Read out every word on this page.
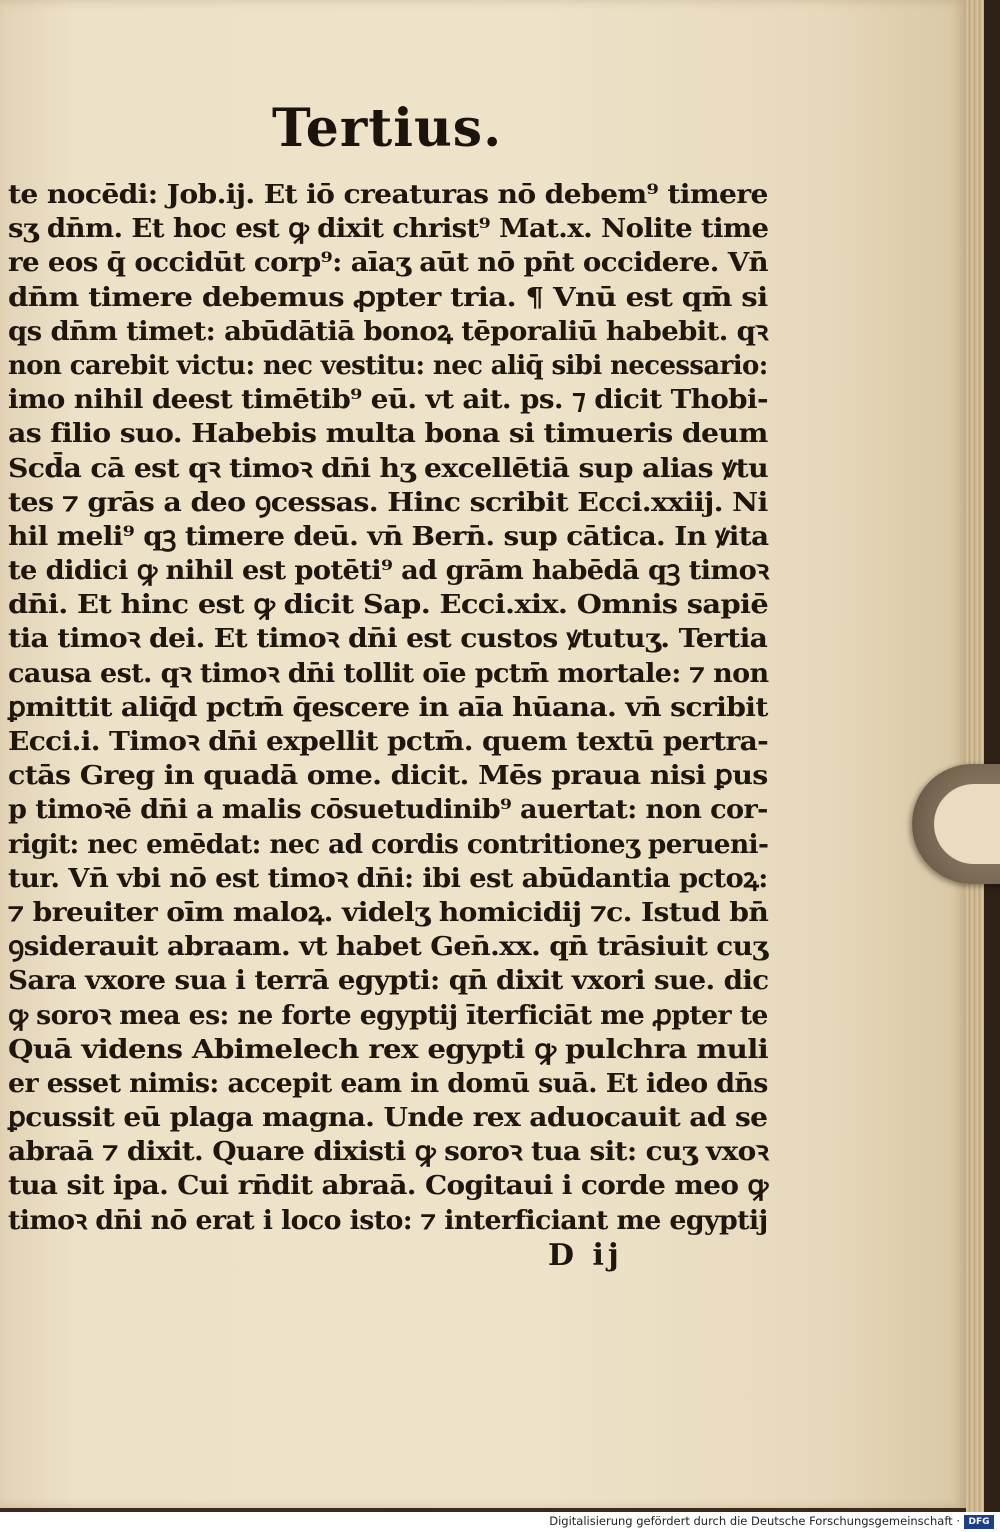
Tertius.
te nocēdi: Job.ij. Et iō creaturas nō debem⁹ timere
sʒ dn̄m. Et hoc est ꝙ dixit christ⁹ Mat.x. Nolite time
re eos q̄ occidūt corp⁹: aīaʒ aūt nō pn̄t occidere. Vn̄
dn̄m timere debemus ꝓpter tria. ¶ Vnū est qm̄ si
qs dn̄m timet: abūdātiā bonoꝝ tēporaliū habebit. qꝛ
non carebit victu: nec vestitu: nec aliq̄ sibi necessario:
imo nihil deest timētib⁹ eū. vt ait. ps. ⁊ dicit Thobi-
as filio suo. Habebis multa bona si timueris deum
Scd̄a cā est qꝛ timoꝛ dn̄i hʒ excellētiā sup alias ꝟtu
tes ⁊ grās a deo ꝯcessas. Hinc scribit Ecci.xxiij. Ni
hil meli⁹ qꝫ timere deū. vn̄ Bern̄. sup cātica. In ꝟita
te didici ꝙ nihil est potēti⁹ ad grām habēdā qꝫ timoꝛ
dn̄i. Et hinc est ꝙ dicit Sap. Ecci.xix. Omnis sapiē
tia timoꝛ dei. Et timoꝛ dn̄i est custos ꝟtutuʒ. Tertia
causa est. qꝛ timoꝛ dn̄i tollit oīe pctm̄ mortale: ⁊ non
ꝑmittit aliq̄d pctm̄ q̄escere in aīa hūana. vn̄ scribit
Ecci.i. Timoꝛ dn̄i expellit pctm̄. quem textū pertra-
ctās Greg in quadā ome. dicit. Mēs praua nisi ꝑus
p timoꝛē dn̄i a malis cōsuetudinib⁹ auertat: non cor-
rigit: nec emēdat: nec ad cordis contritioneʒ perueni-
tur. Vn̄ vbi nō est timoꝛ dn̄i: ibi est abūdantia pctoꝝ:
⁊ breuiter oīm maloꝝ. videlʒ homicidij ⁊c. Istud bn̄
ꝯsiderauit abraam. vt habet Gen̄.xx. qn̄ trāsiuit cuʒ
Sara vxore sua i terrā egypti: qn̄ dixit vxori sue. dic
ꝙ soroꝛ mea es: ne forte egyptij īterficiāt me ꝓpter te
Quā videns Abimelech rex egypti ꝙ pulchra muli
er esset nimis: accepit eam in domū suā. Et ideo dn̄s
ꝑcussit eū plaga magna. Unde rex aduocauit ad se
abraā ⁊ dixit. Quare dixisti ꝙ soroꝛ tua sit: cuʒ vxoꝛ
tua sit ipa. Cui rn̄dit abraā. Cogitaui i corde meo ꝙ
timoꝛ dn̄i nō erat i loco isto: ⁊ interficiant me egyptij
D ij
Digitalisierung gefördert durch die Deutsche Forschungsgemeinschaft · DFG
